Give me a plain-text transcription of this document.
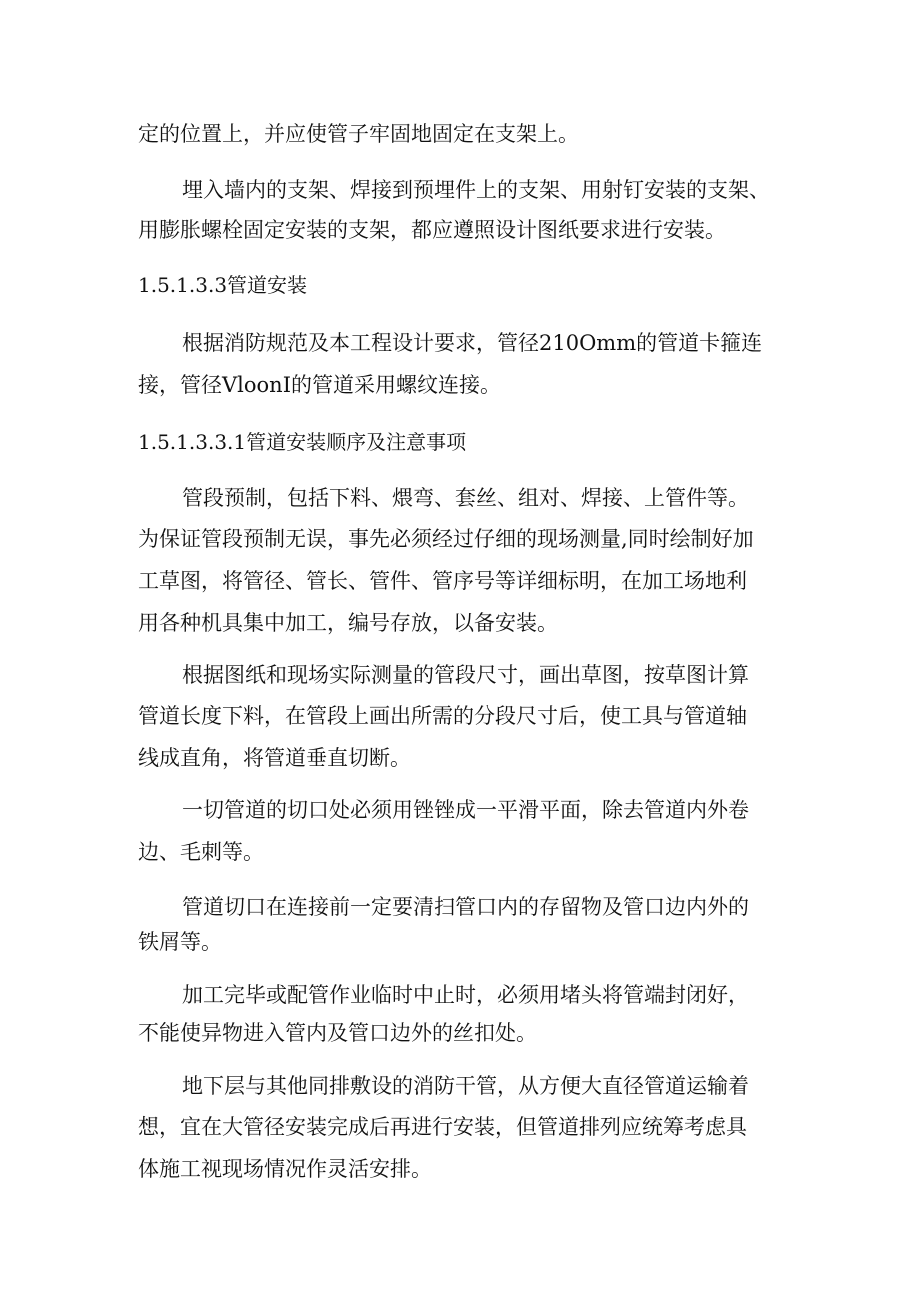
定的位置上，并应使管子牢固地固定在支架上。
埋入墙内的支架、焊接到预埋件上的支架、用射钉安装的支架、
用膨胀螺栓固定安装的支架，都应遵照设计图纸要求进行安装。
1.5.1.3.3管道安装
根据消防规范及本工程设计要求，管径210Omm的管道卡箍连
接，管径VloonI的管道采用螺纹连接。
1.5.1.3.3.1管道安装顺序及注意事项
管段预制，包括下料、煨弯、套丝、组对、焊接、上管件等。
为保证管段预制无误，事先必须经过仔细的现场测量,同时绘制好加
工草图，将管径、管长、管件、管序号等详细标明，在加工场地利
用各种机具集中加工，编号存放，以备安装。
根据图纸和现场实际测量的管段尺寸，画出草图，按草图计算
管道长度下料，在管段上画出所需的分段尺寸后，使工具与管道轴
线成直角，将管道垂直切断。
一切管道的切口处必须用锉锉成一平滑平面，除去管道内外卷
边、毛刺等。
管道切口在连接前一定要清扫管口内的存留物及管口边内外的
铁屑等。
加工完毕或配管作业临时中止时，必须用堵头将管端封闭好，
不能使异物进入管内及管口边外的丝扣处。
地下层与其他同排敷设的消防干管，从方便大直径管道运输着
想，宜在大管径安装完成后再进行安装，但管道排列应统筹考虑具
体施工视现场情况作灵活安排。
